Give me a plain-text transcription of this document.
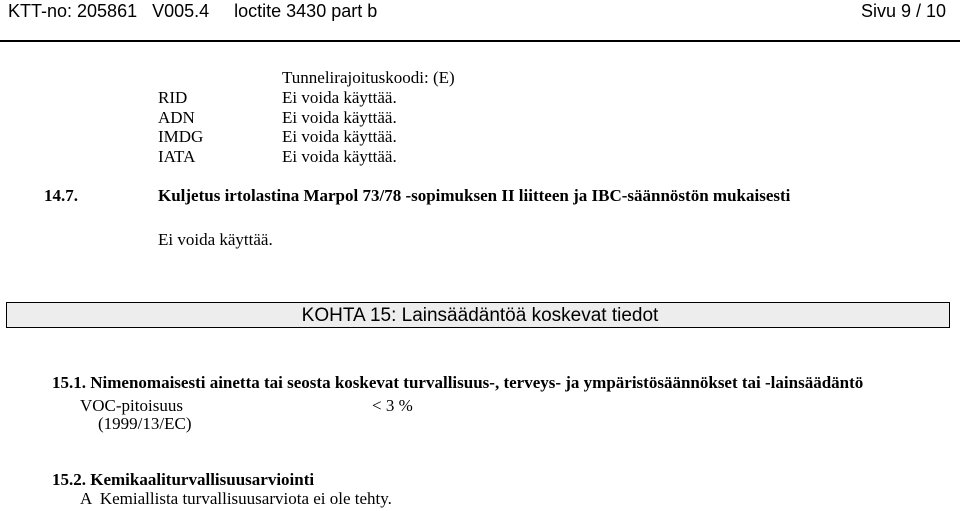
KTT-no: 205861   V005.4     loctite 3430 part b	Sivu 9 / 10
Tunnelirajoituskoodi: (E)
RID	Ei voida käyttää.
ADN	Ei voida käyttää.
IMDG	Ei voida käyttää.
IATA	Ei voida käyttää.
14.7.	Kuljetus irtolastina Marpol 73/78 -sopimuksen II liitteen ja IBC-säännöstön mukaisesti
Ei voida käyttää.
KOHTA 15: Lainsäädäntöä koskevat tiedot
15.1. Nimenomaisesti ainetta tai seosta koskevat turvallisuus-, terveys- ja ympäristösäännökset tai -lainsäädäntö
VOC-pitoisuus	< 3 %
(1999/13/EC)
15.2. Kemikaaliturvallisuusarviointi
A  Kemiallista turvallisuusarviota ei ole tehty.
